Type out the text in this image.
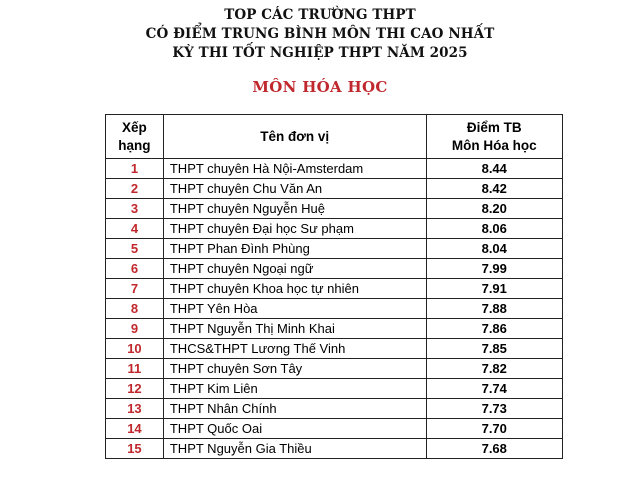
TOP CÁC TRƯỜNG THPT
CÓ ĐIỂM TRUNG BÌNH MÔN THI CAO NHẤT
KỲ THI TỐT NGHIỆP THPT NĂM 2025
MÔN HÓA HỌC
Xếp
hạng	Tên đơn vị	Điểm TB
Môn Hóa học
1	THPT chuyên Hà Nội-Amsterdam	8.44
2	THPT chuyên Chu Văn An	8.42
3	THPT chuyên Nguyễn Huệ	8.20
4	THPT chuyên Đại học Sư phạm	8.06
5	THPT Phan Đình Phùng	8.04
6	THPT chuyên Ngoại ngữ	7.99
7	THPT chuyên Khoa học tự nhiên	7.91
8	THPT Yên Hòa	7.88
9	THPT Nguyễn Thị Minh Khai	7.86
10	THCS&THPT Lương Thế Vinh	7.85
11	THPT chuyên Sơn Tây	7.82
12	THPT Kim Liên	7.74
13	THPT Nhân Chính	7.73
14	THPT Quốc Oai	7.70
15	THPT Nguyễn Gia Thiều	7.68
